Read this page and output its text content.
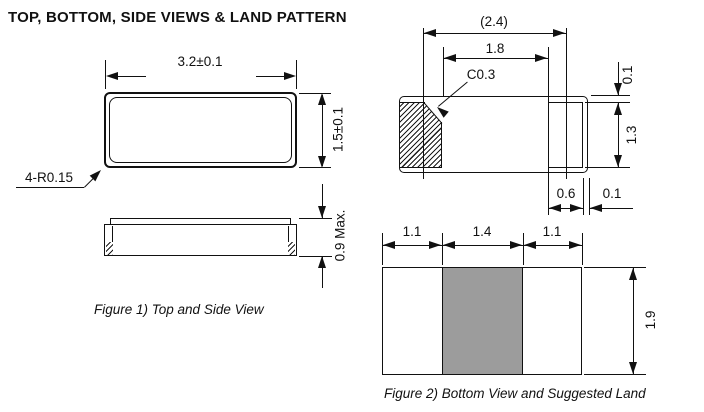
TOP, BOTTOM, SIDE VIEWS & LAND PATTERN
3.2±0.1
1.5±0.1
4-R0.15
0.9 Max.
Figure 1) Top and Side View
(2.4)
1.8
C0.3	0.1
1.3
0.6	0.1
1.1	1.4	1.1
1.9
Figure 2) Bottom View and Suggested Land
